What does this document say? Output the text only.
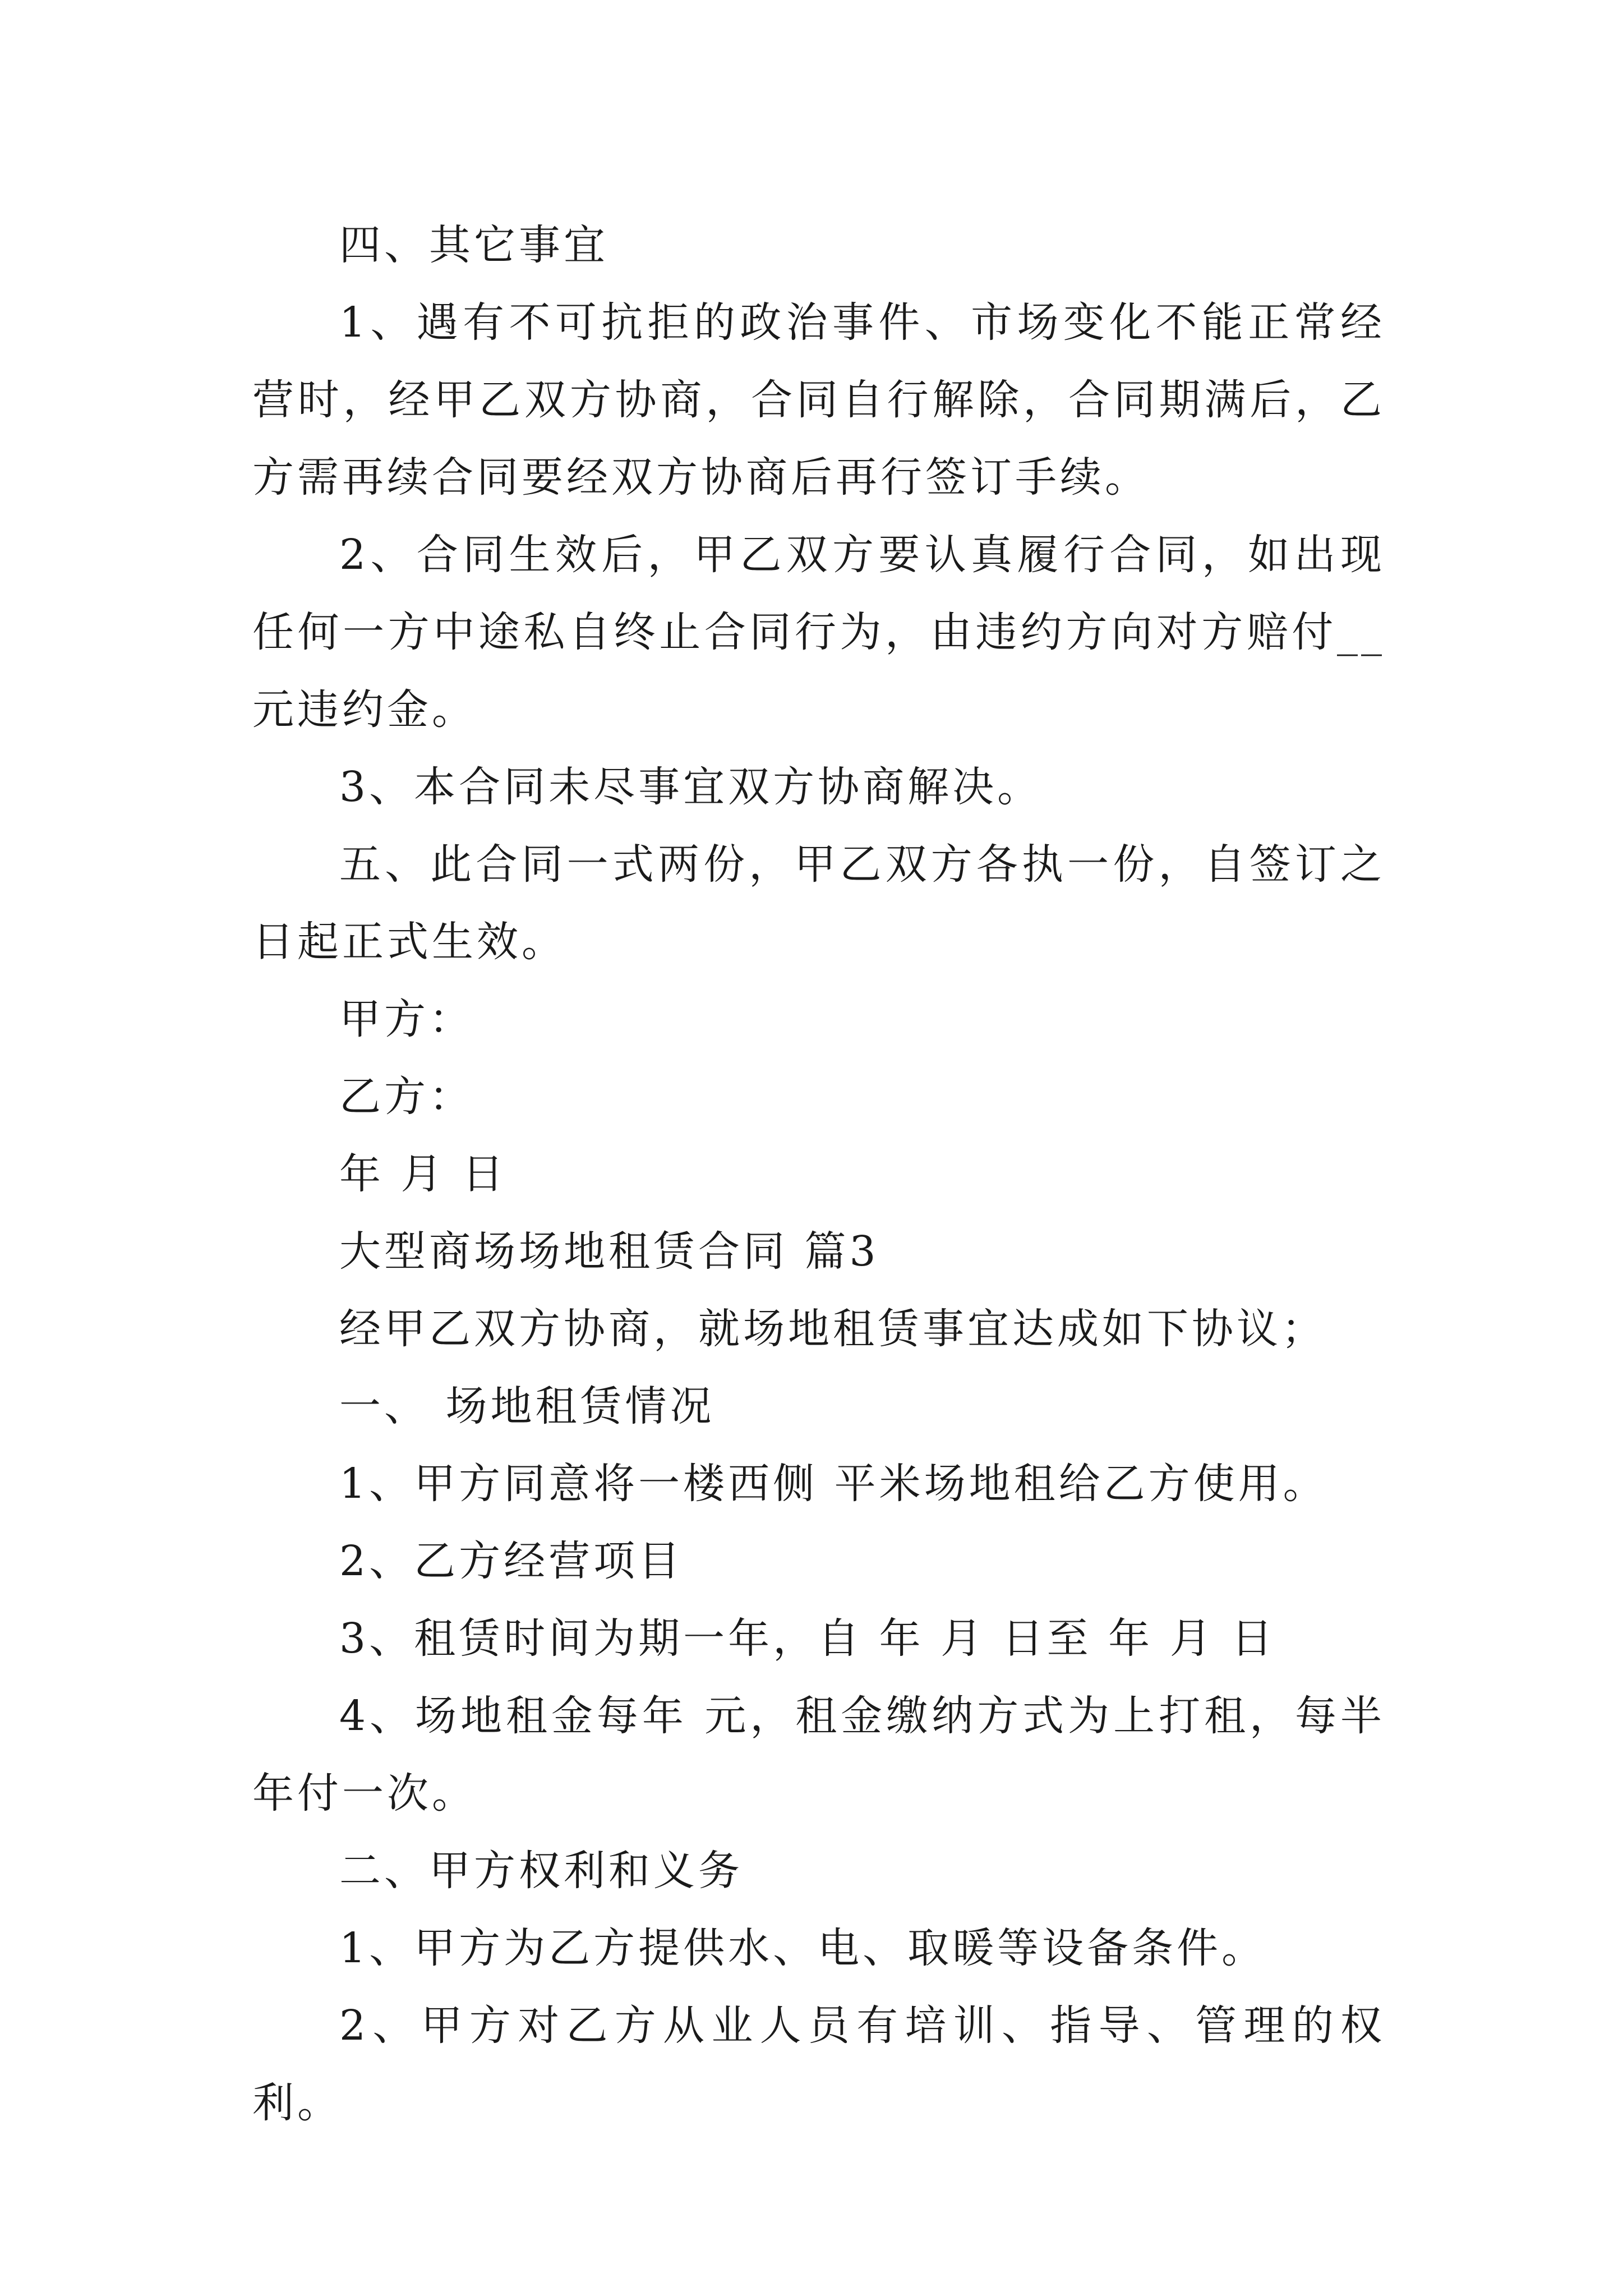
四、其它事宜

1、遇有不可抗拒的政治事件、市场变化不能正常经营时，经甲乙双方协商，合同自行解除，合同期满后，乙方需再续合同要经双方协商后再行签订手续。

2、合同生效后，甲乙双方要认真履行合同，如出现任何一方中途私自终止合同行为，由违约方向对方赔付__元违约金。

3、本合同未尽事宜双方协商解决。

五、此合同一式两份，甲乙双方各执一份，自签订之日起正式生效。

甲方：

乙方：

年 月 日

大型商场场地租赁合同 篇3

经甲乙双方协商，就场地租赁事宜达成如下协议；

一、 场地租赁情况

1、甲方同意将一楼西侧 平米场地租给乙方使用。

2、乙方经营项目

3、租赁时间为期一年，自 年 月 日至 年 月 日

4、场地租金每年 元，租金缴纳方式为上打租，每半年付一次。

二、甲方权利和义务

1、甲方为乙方提供水、电、取暖等设备条件。

2、甲方对乙方从业人员有培训、指导、管理的权利。
